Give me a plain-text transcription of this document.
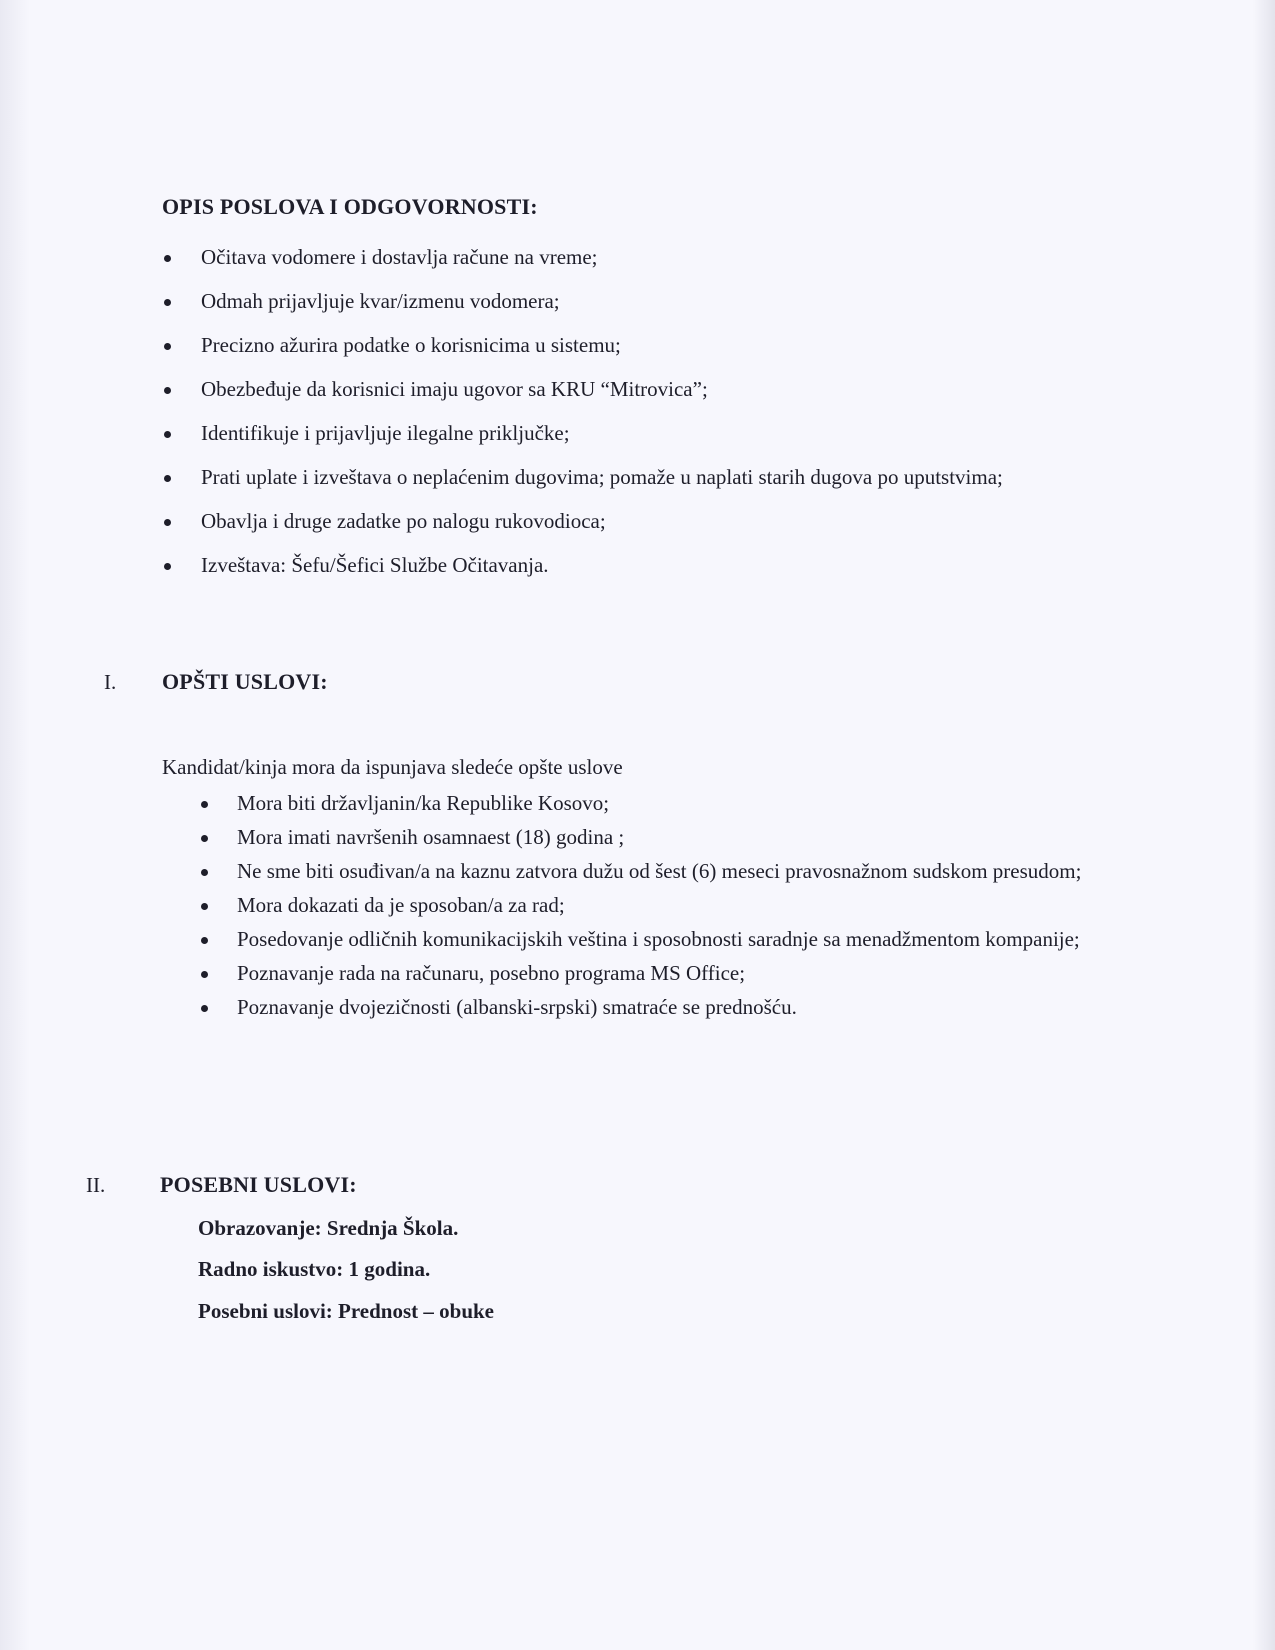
OPIS POSLOVA I ODGOVORNOSTI:
Očitava vodomere i dostavlja račune na vreme;
Odmah prijavljuje kvar/izmenu vodomera;
Precizno ažurira podatke o korisnicima u sistemu;
Obezbeđuje da korisnici imaju ugovor sa KRU “Mitrovica”;
Identifikuje i prijavljuje ilegalne priključke;
Prati uplate i izveštava o neplaćenim dugovima; pomaže u naplati starih dugova po uputstvima;
Obavlja i druge zadatke po nalogu rukovodioca;
Izveštava: Šefu/Šefici Službe Očitavanja.
I. OPŠTI USLOVI:
Kandidat/kinja mora da ispunjava sledeće opšte uslove
Mora biti državljanin/ka Republike Kosovo;
Mora imati navršenih osamnaest (18) godina ;
Ne sme biti osuđivan/a na kaznu zatvora dužu od šest (6) meseci pravosnažnom sudskom presudom;
Mora dokazati da je sposoban/a za rad;
Posedovanje odličnih komunikacijskih veština i sposobnosti saradnje sa menadžmentom kompanije;
Poznavanje rada na računaru, posebno programa MS Office;
Poznavanje dvojezičnosti (albanski-srpski) smatraće se prednošću.
II. POSEBNI USLOVI:
Obrazovanje: Srednja Škola.
Radno iskustvo: 1 godina.
Posebni uslovi: Prednost – obuke
